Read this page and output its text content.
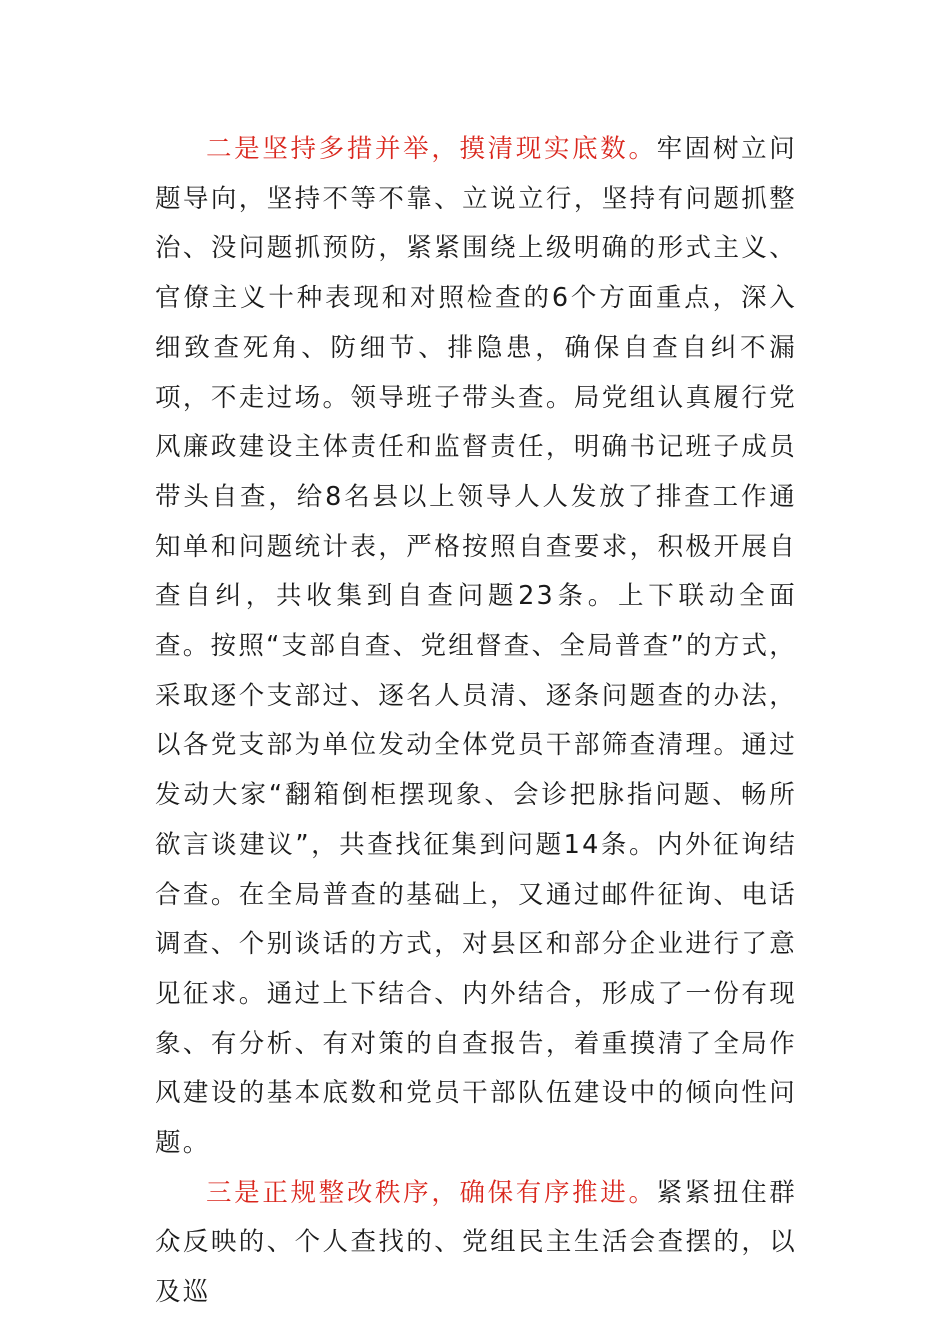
二是坚持多措并举，摸清现实底数。牢固树立问题导向，坚持不等不靠、立说立行，坚持有问题抓整治、没问题抓预防，紧紧围绕上级明确的形式主义、官僚主义十种表现和对照检查的6个方面重点，深入细致查死角、防细节、排隐患，确保自查自纠不漏项，不走过场。领导班子带头查。局党组认真履行党风廉政建设主体责任和监督责任，明确书记班子成员带头自查，给8名县以上领导人人发放了排查工作通知单和问题统计表，严格按照自查要求，积极开展自查自纠，共收集到自查问题23条。上下联动全面查。按照“支部自查、党组督查、全局普查”的方式，采取逐个支部过、逐名人员清、逐条问题查的办法，以各党支部为单位发动全体党员干部筛查清理。通过发动大家“翻箱倒柜摆现象、会诊把脉指问题、畅所欲言谈建议”，共查找征集到问题14条。内外征询结合查。在全局普查的基础上，又通过邮件征询、电话调查、个别谈话的方式，对县区和部分企业进行了意见征求。通过上下结合、内外结合，形成了一份有现象、有分析、有对策的自查报告，着重摸清了全局作风建设的基本底数和党员干部队伍建设中的倾向性问题。

三是正规整改秩序，确保有序推进。紧紧扭住群众反映的、个人查找的、党组民主生活会查摆的，以及巡
